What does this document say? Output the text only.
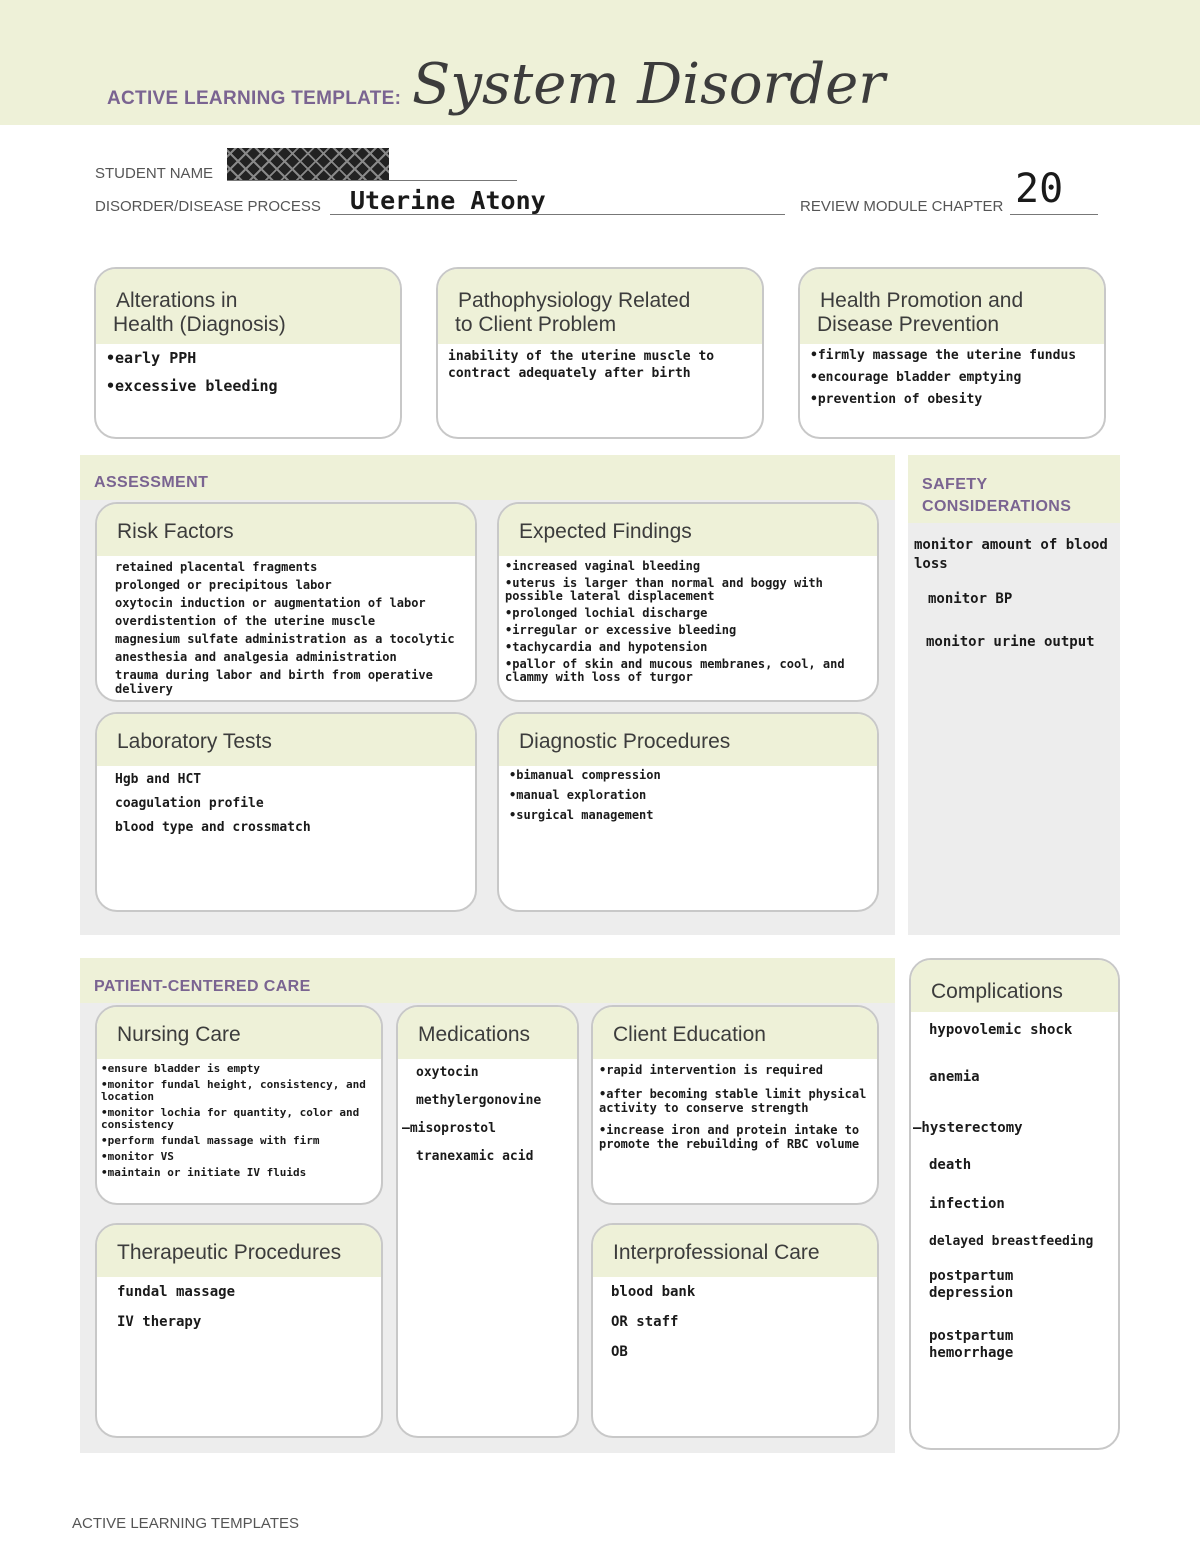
ACTIVE LEARNING TEMPLATE: System Disorder
STUDENT NAME
DISORDER/DISEASE PROCESS Uterine Atony	REVIEW MODULE CHAPTER 20
Alterations in
Health (Diagnosis)
•early PPH
•excessive bleeding
Pathophysiology Related
to Client Problem
inability of the uterine muscle to contract adequately after birth
Health Promotion and
Disease Prevention
•firmly massage the uterine fundus
•encourage bladder emptying
•prevention of obesity
ASSESSMENT
Risk Factors
retained placental fragments
prolonged or precipitous labor
oxytocin induction or augmentation of labor
overdistention of the uterine muscle
magnesium sulfate administration as a tocolytic
anesthesia and analgesia administration
trauma during labor and birth from operative delivery
Expected Findings
•increased vaginal bleeding
•uterus is larger than normal and boggy with possible lateral displacement
•prolonged lochial discharge
•irregular or excessive bleeding
•tachycardia and hypotension
•pallor of skin and mucous membranes, cool, and clammy with loss of turgor
Laboratory Tests
Hgb and HCT
coagulation profile
blood type and crossmatch
Diagnostic Procedures
•bimanual compression
•manual exploration
•surgical management
SAFETY
CONSIDERATIONS
monitor amount of blood loss
monitor BP
monitor urine output
PATIENT-CENTERED CARE
Nursing Care
•ensure bladder is empty
•monitor fundal height, consistency, and location
•monitor lochia for quantity, color and consistency
•perform fundal massage with firm
•monitor VS
•maintain or initiate IV fluids
Medications
oxytocin
methylergonovine
–misoprostol
tranexamic acid
Client Education
•rapid intervention is required
•after becoming stable limit physical activity to conserve strength
•increase iron and protein intake to promote the rebuilding of RBC volume
Therapeutic Procedures
fundal massage
IV therapy
Interprofessional Care
blood bank
OR staff
OB
Complications
hypovolemic shock
anemia
–hysterectomy
death
infection
delayed breastfeeding
postpartum depression
postpartum hemorrhage
ACTIVE LEARNING TEMPLATES
